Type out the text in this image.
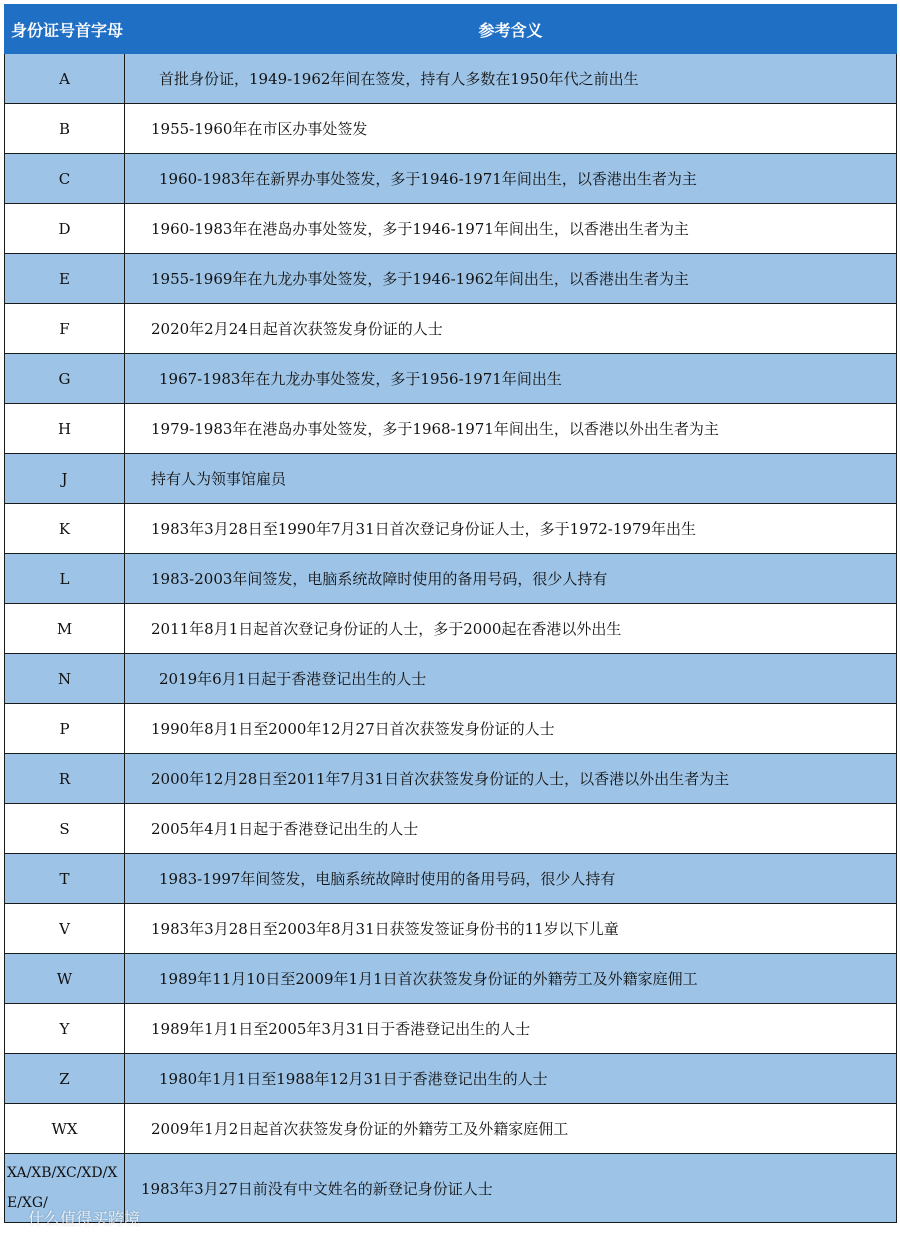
身份证号首字母	参考含义
A	首批身份证，1949-1962年间在签发，持有人多数在1950年代之前出生
B	1955-1960年在市区办事处签发
C	1960-1983年在新界办事处签发，多于1946-1971年间出生，以香港出生者为主
D	1960-1983年在港岛办事处签发，多于1946-1971年间出生，以香港出生者为主
E	1955-1969年在九龙办事处签发，多于1946-1962年间出生，以香港出生者为主
F	2020年2月24日起首次获签发身份证的人士
G	1967-1983年在九龙办事处签发，多于1956-1971年间出生
H	1979-1983年在港岛办事处签发，多于1968-1971年间出生，以香港以外出生者为主
J	持有人为领事馆雇员
K	1983年3月28日至1990年7月31日首次登记身份证人士，多于1972-1979年出生
L	1983-2003年间签发，电脑系统故障时使用的备用号码，很少人持有
M	2011年8月1日起首次登记身份证的人士，多于2000起在香港以外出生
N	2019年6月1日起于香港登记出生的人士
P	1990年8月1日至2000年12月27日首次获签发身份证的人士
R	2000年12月28日至2011年7月31日首次获签发身份证的人士，以香港以外出生者为主
S	2005年4月1日起于香港登记出生的人士
T	1983-1997年间签发，电脑系统故障时使用的备用号码，很少人持有
V	1983年3月28日至2003年8月31日获签发签证身份书的11岁以下儿童
W	1989年11月10日至2009年1月1日首次获签发身份证的外籍劳工及外籍家庭佣工
Y	1989年1月1日至2005年3月31日于香港登记出生的人士
Z	1980年1月1日至1988年12月31日于香港登记出生的人士
WX	2009年1月2日起首次获签发身份证的外籍劳工及外籍家庭佣工
XA/XB/XC/XD/XE/XG/	1983年3月27日前没有中文姓名的新登记身份证人士
什么值得买跨境
